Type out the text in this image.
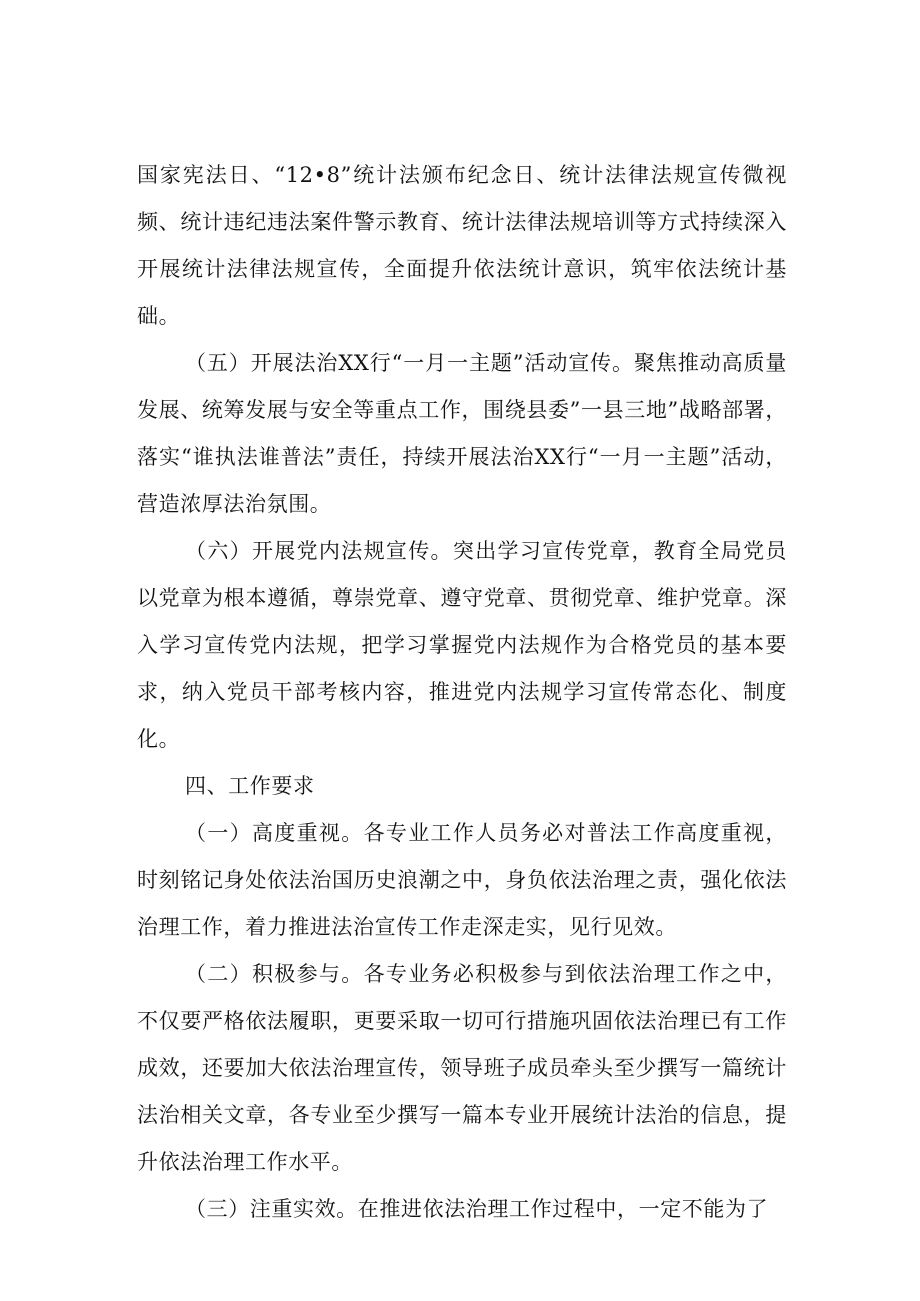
国家宪法日、“12•8”统计法颁布纪念日、统计法律法规宣传微视频、统计违纪违法案件警示教育、统计法律法规培训等方式持续深入开展统计法律法规宣传，全面提升依法统计意识，筑牢依法统计基础。

（五）开展法治XX行“一月一主题”活动宣传。聚焦推动高质量发展、统筹发展与安全等重点工作，围绕县委”一县三地”战略部署，落实“谁执法谁普法”责任，持续开展法治XX行“一月一主题”活动，营造浓厚法治氛围。

（六）开展党内法规宣传。突出学习宣传党章，教育全局党员以党章为根本遵循，尊崇党章、遵守党章、贯彻党章、维护党章。深入学习宣传党内法规，把学习掌握党内法规作为合格党员的基本要求，纳入党员干部考核内容，推进党内法规学习宣传常态化、制度化。

四、工作要求

（一）高度重视。各专业工作人员务必对普法工作高度重视，时刻铭记身处依法治国历史浪潮之中，身负依法治理之责，强化依法治理工作，着力推进法治宣传工作走深走实，见行见效。

（二）积极参与。各专业务必积极参与到依法治理工作之中，不仅要严格依法履职，更要采取一切可行措施巩固依法治理已有工作成效，还要加大依法治理宣传，领导班子成员牵头至少撰写一篇统计法治相关文章，各专业至少撰写一篇本专业开展统计法治的信息，提升依法治理工作水平。

（三）注重实效。在推进依法治理工作过程中，一定不能为了
